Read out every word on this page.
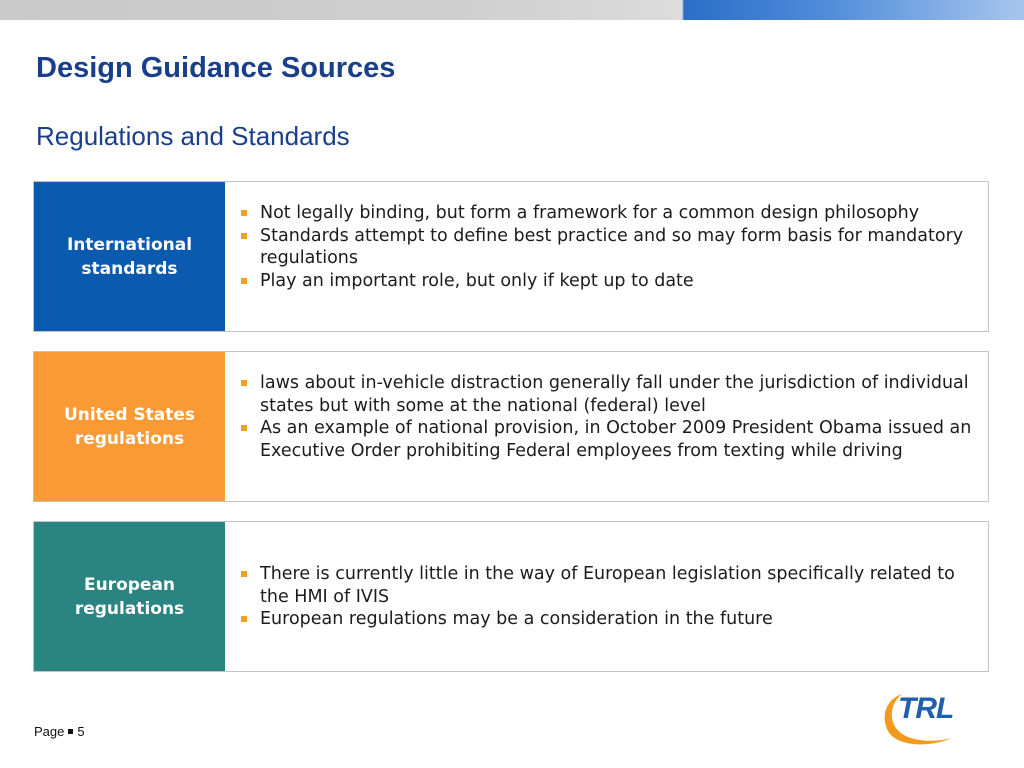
Design Guidance Sources
Regulations and Standards
International
standards
Not legally binding, but form a framework for a common design philosophy
Standards attempt to define best practice and so may form basis for mandatory regulations
Play an important role, but only if kept up to date
United States
regulations
laws about in-vehicle distraction generally fall under the jurisdiction of individual states but with some at the national (federal) level
As an example of national provision, in October 2009 President Obama issued an Executive Order prohibiting Federal employees from texting while driving
European
regulations
There is currently little in the way of European legislation specifically related to the HMI of IVIS
European regulations may be a consideration in the future
Page 5
TRL
